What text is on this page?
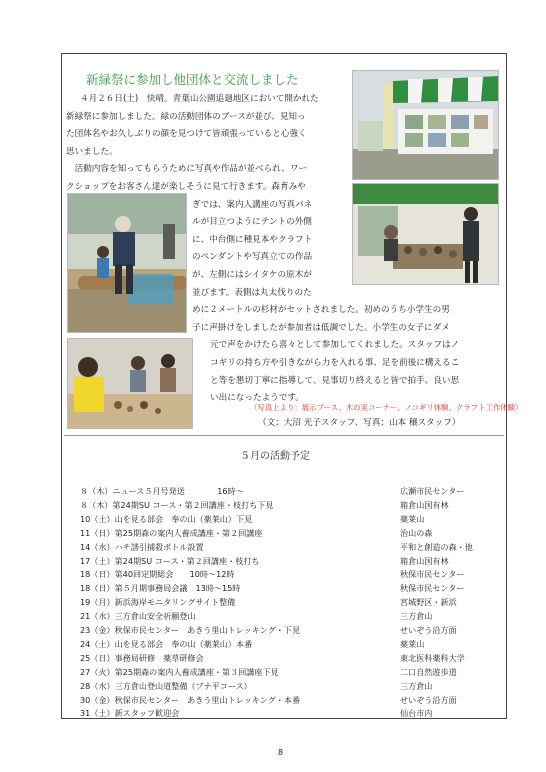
新緑祭に参加し他団体と交流しました

４月２６日(土)　快晴。青葉山公園追廻地区において開かれた

新緑祭に参加しました。緑の活動団体のブースが並び、見知っ

た団体名やお久しぶりの顔を見つけて皆頑張っていると心強く

思いました。

　活動内容を知ってもらうために写真や作品が並べられ、ワー

クショップをお客さん達が楽しそうに見て行きます。森育みや

ぎでは、案内人講座の写真パネ

ルが目立つようにテントの外側

に、中台側に種見本やクラフト

のペンダントや写真立ての作品

が、左側にはシイタケの原木が

並びます。表側は丸太伐りのた

めに２メートルの杉材がセットされました。初めのうち小学生の男

子に声掛けをしましたが参加者は低調でした。小学生の女子にダメ

元で声をかけたら喜々として参加してくれました。スタッフはノ

コギリの持ち方や引きながら力を入れる事、足を前後に構えるこ

と等を懇切丁寧に指導して、見事切り終えると皆で拍手、良い思

い出になったようです。

（写真上より：展示ブース、木の実コーナー、ノコギリ体験、クラフト工作体験）
（文；大沼 光子スタッフ、写真；山本 穣スタッフ）
５月の活動予定
８（木）ニュース５月号発送　　　　16時～	広瀬市民センター
８（木）第24期SU コース・第２回講座・枝打ち下見	箱倉山国有林
10（土）山を見る部会　奉の山（薬莱山）下見	薬莱山
11（日）第25期森の案内人養成講座・第２回講座	治山の森
14（水）ハチ誘引捕殺ボトル設置	平和と創造の森・他
17（土）第24期SU コース・第２回講座・枝打ち	箱倉山国有林
18（日）第40回定期総会　　10時～12時	秋保市民センター
18（日）第５月期事務局会議　13時～15時	秋保市民センター
19（月）新浜海岸モニタリングサイト整備	宮城野区・新浜
21（水）三方倉山安全祈願登山	三方倉山
23（金）秋保市民センター　あきう里山トレッキング・下見	せいぞう沿方面
24（土）山を見る部会　奉の山（薬莱山）本番	薬莱山
25（日）事務局研修　薬草研修会	東北医科薬科大学
27（火）第25期森の案内人養成講座・第３回講座下見	二口自然遊歩道
28（水）三方倉山登山道整備（ブナ平コース）	三方倉山
30（金）秋保市民センター　あきう里山トレッキング・本番	せいぞう沿方面
31（土）新スタッフ歓迎会	仙台市内
8
